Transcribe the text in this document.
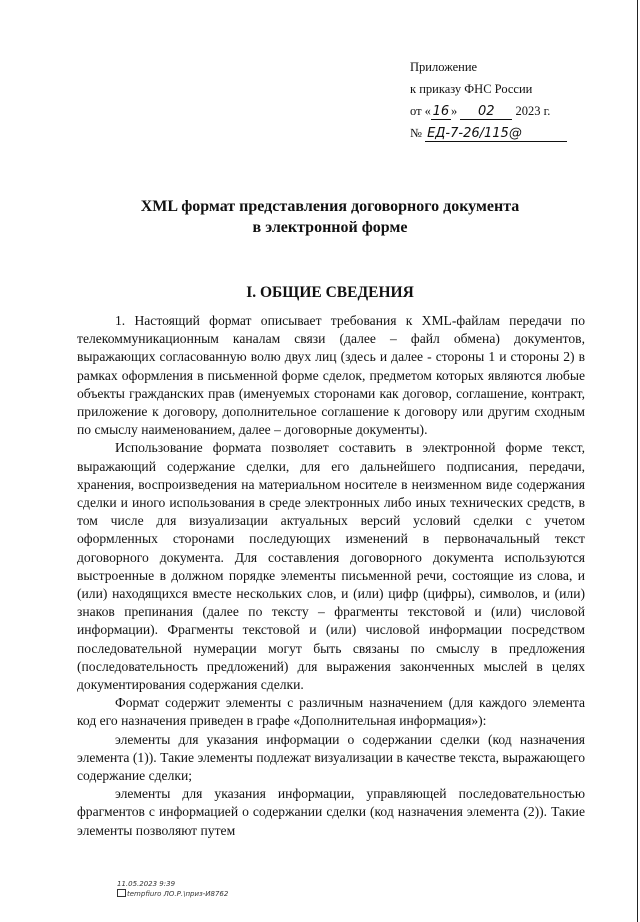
Приложение
к приказу ФНС России
от « 16 » 02 2023 г.
№ ЕД-7-26/115@
XML формат представления договорного документа
в электронной форме
I. ОБЩИЕ СВЕДЕНИЯ

1. Настоящий формат описывает требования к XML-файлам передачи по телекоммуникационным каналам связи (далее – файл обмена) документов, выражающих согласованную волю двух лиц (здесь и далее - стороны 1 и стороны 2) в рамках оформления в письменной форме сделок, предметом которых являются любые объекты гражданских прав (именуемых сторонами как договор, соглашение, контракт, приложение к договору, дополнительное соглашение к договору или другим сходным по смыслу наименованием, далее – договорные документы).

Использование формата позволяет составить в электронной форме текст, выражающий содержание сделки, для его дальнейшего подписания, передачи, хранения, воспроизведения на материальном носителе в неизменном виде содержания сделки и иного использования в среде электронных либо иных технических средств, в том числе для визуализации актуальных версий условий сделки с учетом оформленных сторонами последующих изменений в первоначальный текст договорного документа. Для составления договорного документа используются выстроенные в должном порядке элементы письменной речи, состоящие из слова, и (или) находящихся вместе нескольких слов, и (или) цифр (цифры), символов, и (или) знаков препинания (далее по тексту – фрагменты текстовой и (или) числовой информации). Фрагменты текстовой и (или) числовой информации посредством последовательной нумерации могут быть связаны по смыслу в предложения (последовательность предложений) для выражения законченных мыслей в целях документирования содержания сделки.

Формат содержит элементы с различным назначением (для каждого элемента код его назначения приведен в графе «Дополнительная информация»):

элементы для указания информации о содержании сделки (код назначения элемента (1)). Такие элементы подлежат визуализации в качестве текста, выражающего содержание сделки;

элементы для указания информации, управляющей последовательностью фрагментов с информацией о содержании сделки (код назначения элемента (2)). Такие элементы позволяют путем

11.05.2023 9:39
tempfiuro ЛО.Р.\приз-И8762
